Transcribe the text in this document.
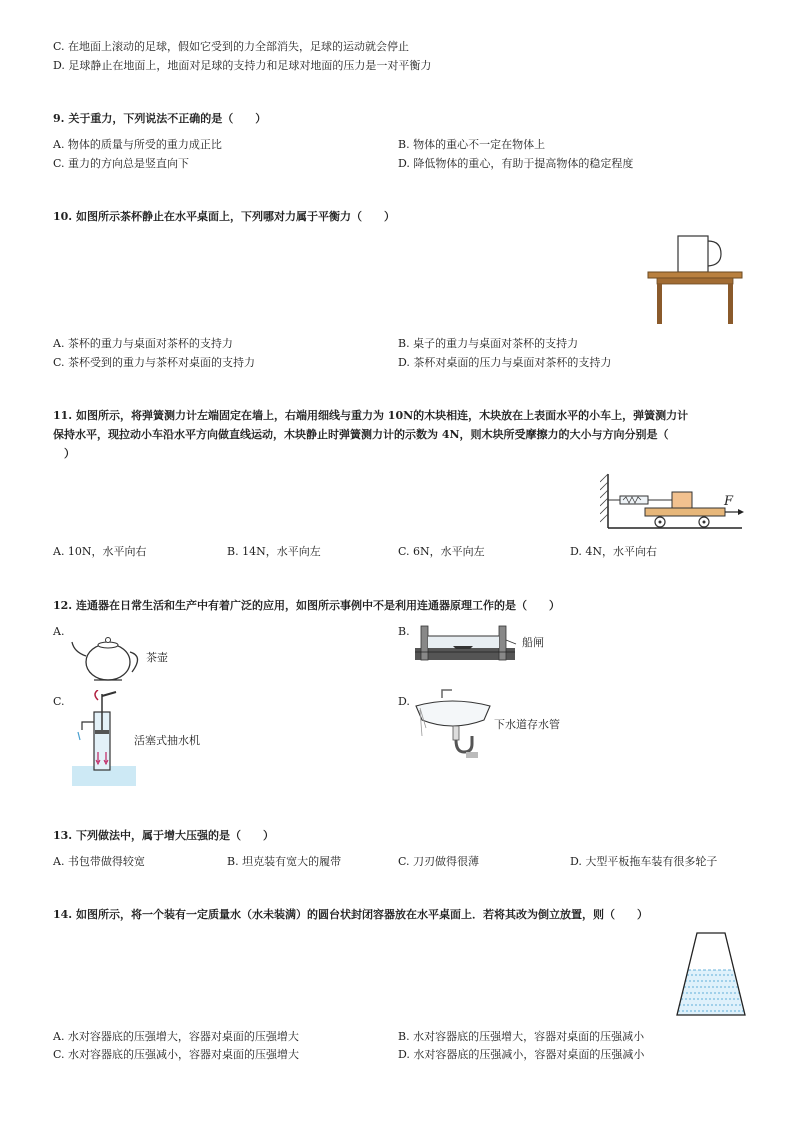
C. 在地面上滚动的足球，假如它受到的力全部消失，足球的运动就会停止
D. 足球静止在地面上，地面对足球的支持力和足球对地面的压力是一对平衡力
9. 关于重力，下列说法不正确的是（　　）
A. 物体的质量与所受的重力成正比	B. 物体的重心不一定在物体上
C. 重力的方向总是竖直向下	D. 降低物体的重心，有助于提高物体的稳定程度
10. 如图所示茶杯静止在水平桌面上，下列哪对力属于平衡力（　　）
A. 茶杯的重力与桌面对茶杯的支持力	B. 桌子的重力与桌面对茶杯的支持力
C. 茶杯受到的重力与茶杯对桌面的支持力	D. 茶杯对桌面的压力与桌面对茶杯的支持力
11. 如图所示，将弹簧测力计左端固定在墙上，右端用细线与重力为 10N的木块相连，木块放在上表面水平的小车上，弹簧测力计
保持水平，现拉动小车沿水平方向做直线运动，木块静止时弹簧测力计的示数为 4N，则木块所受摩擦力的大小与方向分别是（
　）
F
A. 10N，水平向右	B. 14N，水平向左	C. 6N，水平向左	D. 4N，水平向右
12. 连通器在日常生活和生产中有着广泛的应用，如图所示事例中不是利用连通器原理工作的是（　　）
A.
茶壶
B.
船闸
C.
活塞式抽水机
D.
下水道存水管
13. 下列做法中，属于增大压强的是（　　）
A. 书包带做得较宽	B. 坦克装有宽大的履带	C. 刀刃做得很薄	D. 大型平板拖车装有很多轮子
14. 如图所示，将一个装有一定质量水（水未装满）的圆台状封闭容器放在水平桌面上．若将其改为倒立放置，则（　　）
A. 水对容器底的压强增大，容器对桌面的压强增大	B. 水对容器底的压强增大，容器对桌面的压强减小
C. 水对容器底的压强减小，容器对桌面的压强增大	D. 水对容器底的压强减小，容器对桌面的压强减小
